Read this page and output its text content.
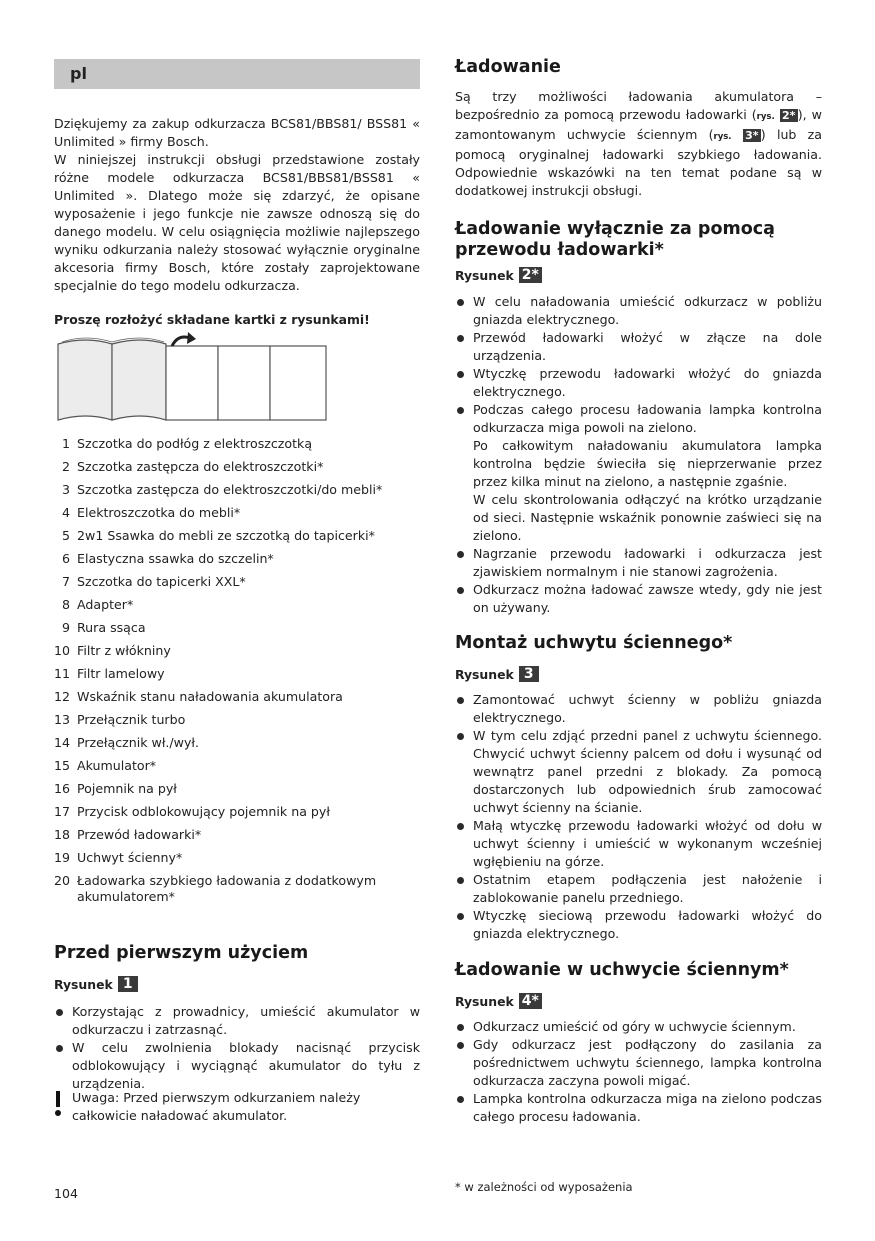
pl

Dziękujemy za zakup odkurzacza BCS81/BBS81/ BSS81 « Unlimited » firmy Bosch.

W niniejszej instrukcji obsługi przedstawione zostały różne modele odkurzacza BCS81/BBS81/BSS81 « Unlimited ». Dlatego może się zdarzyć, że opisane wyposażenie i jego funkcje nie zawsze odnoszą się do danego modelu. W celu osiągnięcia możliwie najlepszego wyniku odkurzania należy stosować wyłącznie oryginalne akcesoria firmy Bosch, które zostały zaprojektowane specjalnie do tego modelu odkurzacza.

Proszę rozłożyć składane kartki z rysunkami!

1 Szczotka do podłóg z elektroszczotką
2 Szczotka zastępcza do elektroszczotki*
3 Szczotka zastępcza do elektroszczotki/do mebli*
4 Elektroszczotka do mebli*
5 2w1 Ssawka do mebli ze szczotką do tapicerki*
6 Elastyczna ssawka do szczelin*
7 Szczotka do tapicerki XXL*
8 Adapter*
9 Rura ssąca
10 Filtr z włókniny
11 Filtr lamelowy
12 Wskaźnik stanu naładowania akumulatora
13 Przełącznik turbo
14 Przełącznik wł./wył.
15 Akumulator*
16 Pojemnik na pył
17 Przycisk odblokowujący pojemnik na pył
18 Przewód ładowarki*
19 Uchwyt ścienny*
20 Ładowarka szybkiego ładowania z dodatkowym akumulatorem*
Przed pierwszym użyciem
Rysunek 1
Korzystając z prowadnicy, umieścić akumulator w odkurzaczu i zatrzasnąć.
W celu zwolnienia blokady nacisnąć przycisk odblokowujący i wyciągnąć akumulator do tyłu z urządzenia.
Uwaga: Przed pierwszym odkurzaniem należy całkowicie naładować akumulator.
104
Ładowanie

Są trzy możliwości ładowania akumulatora – bezpośrednio za pomocą przewodu ładowarki (rys. 2* ), w zamontowanym uchwycie ściennym (rys. 3* ) lub za pomocą oryginalnej ładowarki szybkiego ładowania. Odpowiednie wskazówki na ten temat podane są w dodatkowej instrukcji obsługi.

Ładowanie wyłącznie za pomocą przewodu ładowarki*
Rysunek 2*
W celu naładowania umieścić odkurzacz w pobliżu gniazda elektrycznego.
Przewód ładowarki włożyć w złącze na dole urządzenia.
Wtyczkę przewodu ładowarki włożyć do gniazda elektrycznego.
Podczas całego procesu ładowania lampka kontrolna odkurzacza miga powoli na zielono.
Po całkowitym naładowaniu akumulatora lampka kontrolna będzie świeciła się nieprzerwanie przez przez kilka minut na zielono, a następnie zgaśnie.
W celu skontrolowania odłączyć na krótko urządzanie od sieci. Następnie wskaźnik ponownie zaświeci się na zielono.
Nagrzanie przewodu ładowarki i odkurzacza jest zjawiskiem normalnym i nie stanowi zagrożenia.
Odkurzacz można ładować zawsze wtedy, gdy nie jest on używany.
Montaż uchwytu ściennego*
Rysunek 3
Zamontować uchwyt ścienny w pobliżu gniazda elektrycznego.
W tym celu zdjąć przedni panel z uchwytu ściennego. Chwycić uchwyt ścienny palcem od dołu i wysunąć od wewnątrz panel przedni z blokady. Za pomocą dostarczonych lub odpowiednich śrub zamocować uchwyt ścienny na ścianie.
Małą wtyczkę przewodu ładowarki włożyć od dołu w uchwyt ścienny i umieścić w wykonanym wcześniej wgłębieniu na górze.
Ostatnim etapem podłączenia jest nałożenie i zablokowanie panelu przedniego.
Wtyczkę sieciową przewodu ładowarki włożyć do gniazda elektrycznego.
Ładowanie w uchwycie ściennym*
Rysunek 4*
Odkurzacz umieścić od góry w uchwycie ściennym.
Gdy odkurzacz jest podłączony do zasilania za pośrednictwem uchwytu ściennego, lampka kontrolna odkurzacza zaczyna powoli migać.
Lampka kontrolna odkurzacza miga na zielono podczas całego procesu ładowania.
* w zależności od wyposażenia
